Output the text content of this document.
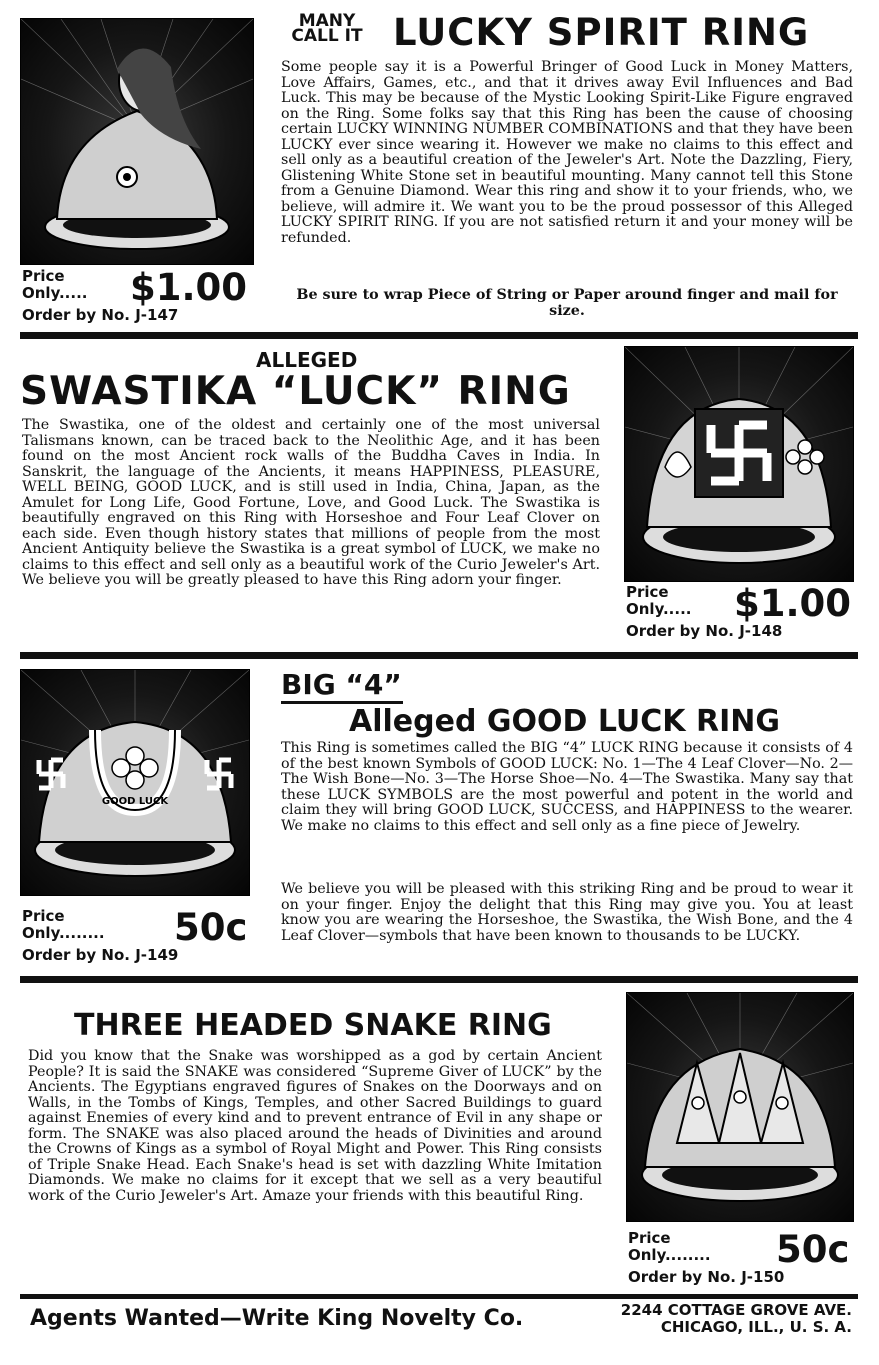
MANY
CALL IT LUCKY SPIRIT RING
Some people say it is a Powerful Bringer of Good Luck in Money Matters, Love Affairs, Games, etc., and that it drives away Evil Influences and Bad Luck. This may be because of the Mystic Looking Spirit-Like Figure engraved on the Ring. Some folks say that this Ring has been the cause of choosing certain LUCKY WINNING NUMBER COMBINATIONS and that they have been LUCKY ever since wearing it. However we make no claims to this effect and sell only as a beautiful creation of the Jeweler's Art. Note the Dazzling, Fiery, Glistening White Stone set in beautiful mounting. Many cannot tell this Stone from a Genuine Diamond. Wear this ring and show it to your friends, who, we believe, will admire it. We want you to be the proud possessor of this Alleged LUCKY SPIRIT RING. If you are not satisfied return it and your money will be refunded.
Be sure to wrap Piece of String or Paper around finger and mail for size.
Price
Only.....	$1.00
Order by No. J-147
ALLEGED
SWASTIKA “LUCK” RING
The Swastika, one of the oldest and certainly one of the most universal Talismans known, can be traced back to the Neolithic Age, and it has been found on the most Ancient rock walls of the Buddha Caves in India. In Sanskrit, the language of the Ancients, it means HAPPINESS, PLEASURE, WELL BEING, GOOD LUCK, and is still used in India, China, Japan, as the Amulet for Long Life, Good Fortune, Love, and Good Luck. The Swastika is beautifully engraved on this Ring with Horseshoe and Four Leaf Clover on each side. Even though history states that millions of people from the most Ancient Antiquity believe the Swastika is a great symbol of LUCK, we make no claims to this effect and sell only as a beautiful work of the Curio Jeweler's Art. We believe you will be greatly pleased to have this Ring adorn your finger.
Price
Only.....	$1.00
Order by No. J-148
GOOD LUCK
BIG “4”
Alleged GOOD LUCK RING
This Ring is sometimes called the BIG “4” LUCK RING because it consists of 4 of the best known Symbols of GOOD LUCK: No. 1—The 4 Leaf Clover—No. 2—The Wish Bone—No. 3—The Horse Shoe—No. 4—The Swastika. Many say that these LUCK SYMBOLS are the most powerful and potent in the world and claim they will bring GOOD LUCK, SUCCESS, and HAPPINESS to the wearer. We make no claims to this effect and sell only as a fine piece of Jewelry.
We believe you will be pleased with this striking Ring and be proud to wear it on your finger. Enjoy the delight that this Ring may give you. You at least know you are wearing the Horseshoe, the Swastika, the Wish Bone, and the 4 Leaf Clover—symbols that have been known to thousands to be LUCKY.
Price
Only........	50c
Order by No. J-149
THREE HEADED SNAKE RING
Did you know that the Snake was worshipped as a god by certain Ancient People? It is said the SNAKE was considered “Supreme Giver of LUCK” by the Ancients. The Egyptians engraved figures of Snakes on the Doorways and on Walls, in the Tombs of Kings, Temples, and other Sacred Buildings to guard against Enemies of every kind and to prevent entrance of Evil in any shape or form. The SNAKE was also placed around the heads of Divinities and around the Crowns of Kings as a symbol of Royal Might and Power. This Ring consists of Triple Snake Head. Each Snake's head is set with dazzling White Imitation Diamonds. We make no claims for it except that we sell as a very beautiful work of the Curio Jeweler's Art. Amaze your friends with this beautiful Ring.
Price
Only........	50c
Order by No. J-150
Agents Wanted—Write King Novelty Co.	2244 COTTAGE GROVE AVE.
CHICAGO, ILL., U. S. A.
